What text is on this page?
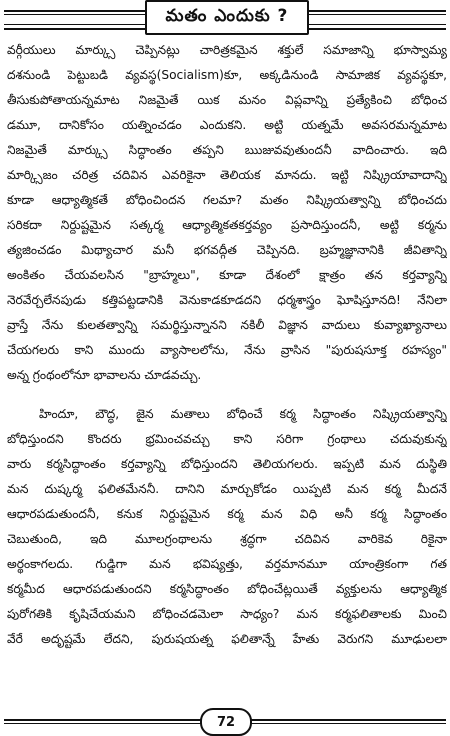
మతం ఎందుకు ?
వర్గీయులు మార్క్సు చెప్పినట్లు చారిత్రకమైన శక్తులే సమాజాన్ని భూస్వామ్య
దశనుండి పెట్టుబడి వ్యవస్థ(Socialism)కూ, అక్కడినుండి సామాజిక వ్యవస్థకూ,
తీసుకుపోతాయన్నమాట నిజమైతే యిక మనం విప్లవాన్ని ప్రత్యేకించి బోధించ
డమూ, దానికోసం యత్నించడం ఎందుకని. అట్టి యత్నమే అవసరమన్నమాట
నిజమైతే మార్క్సు సిద్ధాంతం తప్పని ఋజువవుతుందనీ వాదించారు. ఇది
మార్క్సిజం చరిత్ర చదివిన ఎవరికైనా తెలియక మానదు. ఇట్టి నిష్క్రియావాదాన్ని
కూడా ఆధ్యాత్మికతే బోధించిందన గలమా? మతం నిష్క్రియత్వాన్ని బోధించదు
సరికదా నిర్దుష్టమైన సత్కర్మ ఆధ్యాత్మికతకర్తవ్యం ప్రసాదిస్తుందనీ, అట్టి కర్మను
త్యజించడం మిథ్యాచార మనీ భగవద్గీత చెప్పినది. బ్రహ్మజ్ఞానానికి జీవితాన్ని
అంకితం చేయవలసిన "బ్రాహ్మలు", కూడా దేశంలో క్షాత్రం తన కర్తవ్యాన్ని
నెరవేర్చలేనపుడు కత్తిపట్టడానికి వెనుకాడకూడదని ధర్మశాస్త్రం ఘోషిస్తూనది! నేనిలా
వ్రాస్తే నేను కులతత్వాన్ని సమర్థిస్తున్నానని నకిలీ విజ్ఞాన వాదులు కువ్యాఖ్యానాలు
చేయగలరు కాని ముందు వ్యాసాలలోను, నేను వ్రాసిన "పురుషసూక్త రహస్యం"
అన్న గ్రంథంలోనూ భావాలను చూడవచ్చు.
హిందూ, బౌద్ధ, జైన మతాలు బోధించే కర్మ సిద్ధాంతం నిష్క్రియత్వాన్ని
బోధిస్తుందని కొందరు భ్రమించవచ్చు కాని సరిగా గ్రంథాలు చదువుకున్న
వారు కర్మసిద్ధాంతం కర్తవ్యాన్ని బోధిస్తుందని తెలియగలరు. ఇప్పటి మన దుస్థితి
మన దుష్కర్మ ఫలితమేననీ. దానిని మార్చుకోడం యిప్పటి మన కర్మ మీదనే
ఆధారపడుతుందనీ, కనుక నిర్దుష్టమైన కర్మ మన విధి అనీ కర్మ సిద్ధాంతం
చెబుతుంది, ఇది మూలగ్రంథాలను శ్రద్ధగా చదివిన వారికెవ రికైనా
అర్థంకాగలదు. గుడ్డిగా మన భవిష్యత్తు, వర్తమానమూ యాంత్రికంగా గత
కర్మమీద ఆధారపడుతుందని కర్మసిద్ధాంతం బోధించేట్లయితే వ్యక్తులను ఆధ్యాత్మిక
పురోగతికి కృషిచేయమని బోధించడమెలా సాధ్యం? మన కర్మఫలితాలకు మించి
వేరే అదృష్టమే లేదని, పురుషయత్న ఫలితాన్నే హేతు వెరుగని మూఢులలా
72
